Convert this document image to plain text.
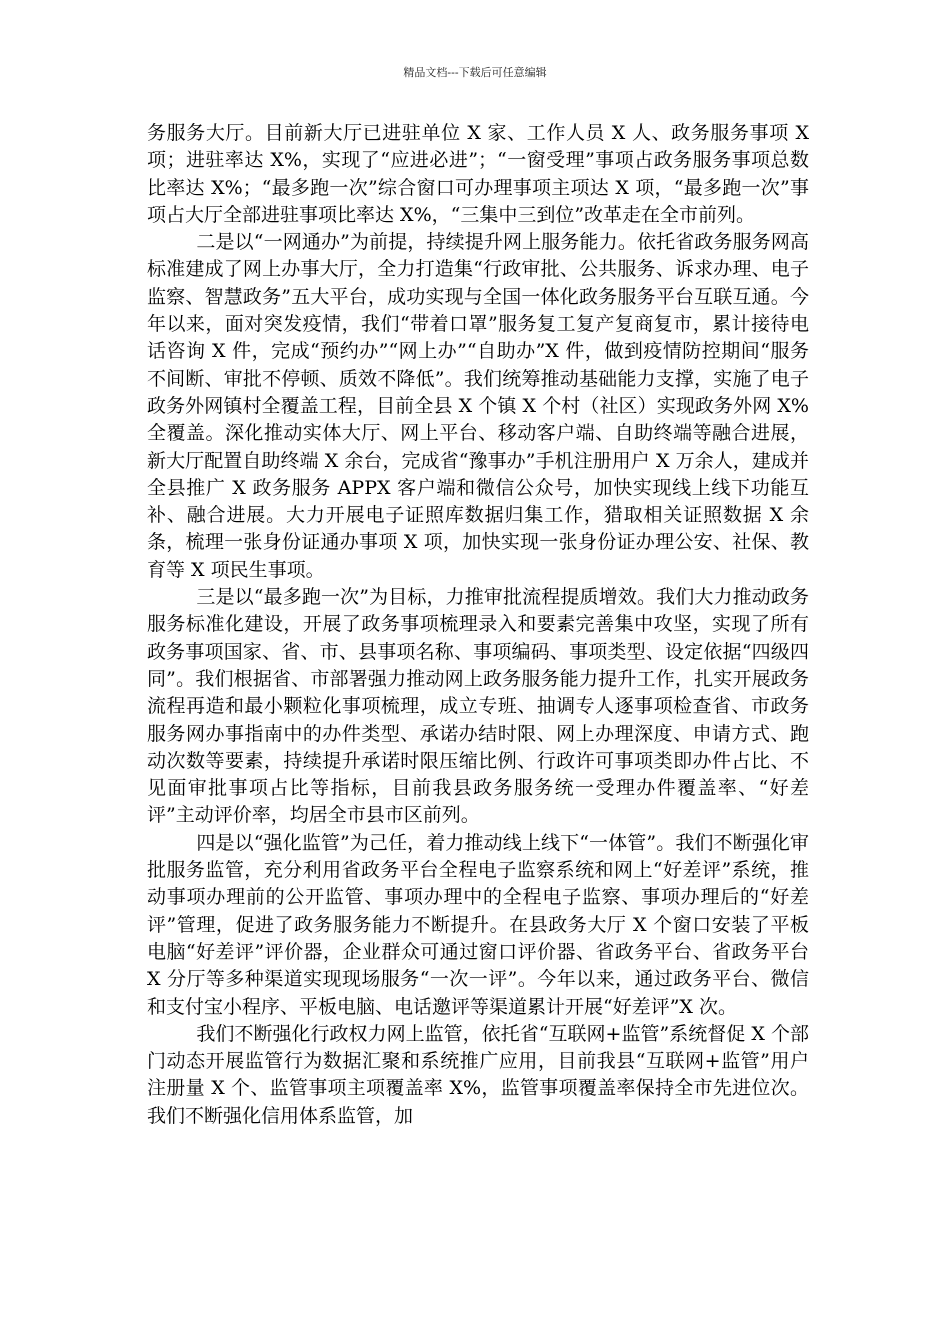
精品文档---下载后可任意编辑

务服务大厅。目前新大厅已进驻单位 X 家、工作人员 X 人、政务服务事项 X 项；进驻率达 X%，实现了“应进必进”；“一窗受理”事项占政务服务事项总数比率达 X%；“最多跑一次”综合窗口可办理事项主项达 X 项，“最多跑一次”事项占大厅全部进驻事项比率达 X%，“三集中三到位”改革走在全市前列。

二是以“一网通办”为前提，持续提升网上服务能力。依托省政务服务网高标准建成了网上办事大厅，全力打造集“行政审批、公共服务、诉求办理、电子监察、智慧政务”五大平台，成功实现与全国一体化政务服务平台互联互通。今年以来，面对突发疫情，我们“带着口罩”服务复工复产复商复市，累计接待电话咨询 X 件，完成“预约办”“网上办”“自助办”X 件，做到疫情防控期间“服务不间断、审批不停顿、质效不降低”。我们统筹推动基础能力支撑，实施了电子政务外网镇村全覆盖工程，目前全县 X 个镇 X 个村（社区）实现政务外网 X%全覆盖。深化推动实体大厅、网上平台、移动客户端、自助终端等融合进展，新大厅配置自助终端 X 余台，完成省“豫事办”手机注册用户 X 万余人，建成并全县推广 X 政务服务 APPX 客户端和微信公众号，加快实现线上线下功能互补、融合进展。大力开展电子证照库数据归集工作，猎取相关证照数据 X 余条，梳理一张身份证通办事项 X 项，加快实现一张身份证办理公安、社保、教育等 X 项民生事项。

三是以“最多跑一次”为目标，力推审批流程提质增效。我们大力推动政务服务标准化建设，开展了政务事项梳理录入和要素完善集中攻坚，实现了所有政务事项国家、省、市、县事项名称、事项编码、事项类型、设定依据“四级四同”。我们根据省、市部署强力推动网上政务服务能力提升工作，扎实开展政务流程再造和最小颗粒化事项梳理，成立专班、抽调专人逐事项检查省、市政务服务网办事指南中的办件类型、承诺办结时限、网上办理深度、申请方式、跑动次数等要素，持续提升承诺时限压缩比例、行政许可事项类即办件占比、不见面审批事项占比等指标，目前我县政务服务统一受理办件覆盖率、“好差评”主动评价率，均居全市县市区前列。

四是以“强化监管”为己任，着力推动线上线下“一体管”。我们不断强化审批服务监管，充分利用省政务平台全程电子监察系统和网上“好差评”系统，推动事项办理前的公开监管、事项办理中的全程电子监察、事项办理后的“好差评”管理，促进了政务服务能力不断提升。在县政务大厅 X 个窗口安装了平板电脑“好差评”评价器，企业群众可通过窗口评价器、省政务平台、省政务平台 X 分厅等多种渠道实现现场服务“一次一评”。今年以来，通过政务平台、微信和支付宝小程序、平板电脑、电话邀评等渠道累计开展“好差评”X 次。

我们不断强化行政权力网上监管，依托省“互联网+监管”系统督促 X 个部门动态开展监管行为数据汇聚和系统推广应用，目前我县“互联网+监管”用户注册量 X 个、监管事项主项覆盖率 X%，监管事项覆盖率保持全市先进位次。我们不断强化信用体系监管，加
